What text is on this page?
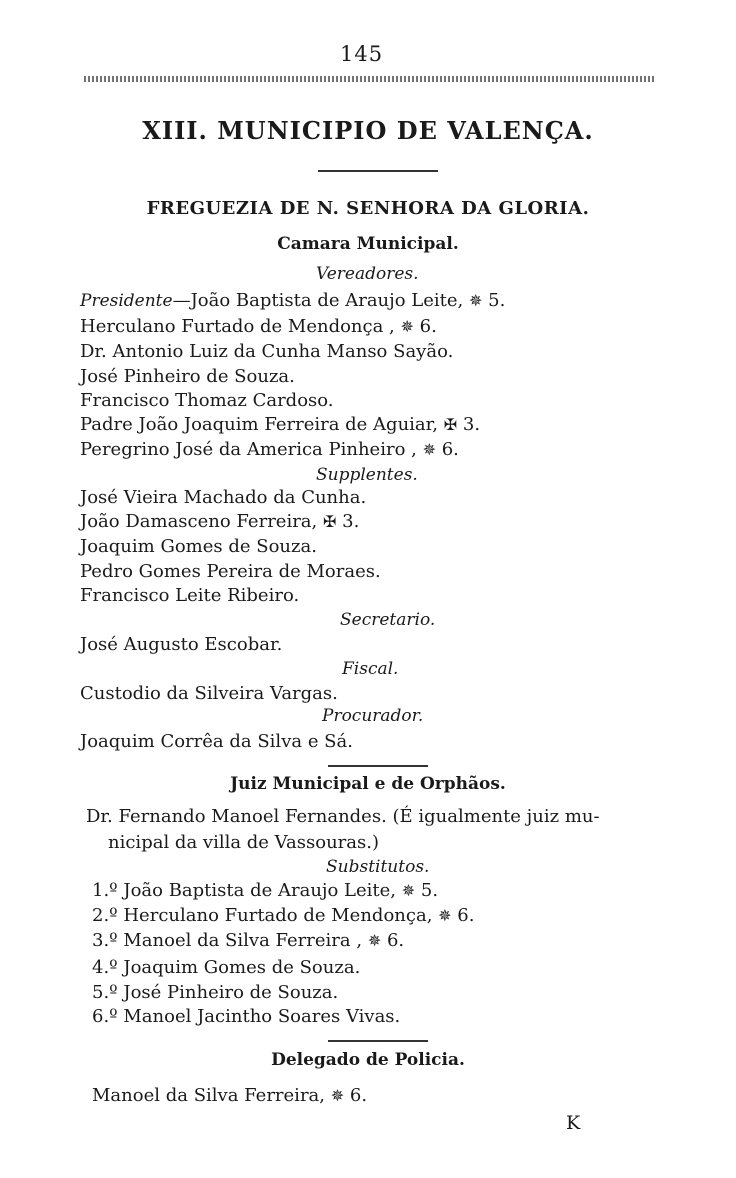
145
XIII. MUNICIPIO DE VALENÇA.
FREGUEZIA DE N. SENHORA DA GLORIA.
Camara Municipal.
Vereadores.
Presidente—João Baptista de Araujo Leite, ✵ 5.
Herculano Furtado de Mendonça , ✵ 6.
Dr. Antonio Luiz da Cunha Manso Sayão.
José Pinheiro de Souza.
Francisco Thomaz Cardoso.
Padre João Joaquim Ferreira de Aguiar, ✠ 3.
Peregrino José da America Pinheiro , ✵ 6.
Supplentes.
José Vieira Machado da Cunha.
João Damasceno Ferreira, ✠ 3.
Joaquim Gomes de Souza.
Pedro Gomes Pereira de Moraes.
Francisco Leite Ribeiro.
Secretario.
José Augusto Escobar.
Fiscal.
Custodio da Silveira Vargas.
Procurador.
Joaquim Corrêa da Silva e Sá.
Juiz Municipal e de Orphãos.
Dr. Fernando Manoel Fernandes. (É igualmente juiz mu-
nicipal da villa de Vassouras.)
Substitutos.
1.º João Baptista de Araujo Leite, ✵ 5.
2.º Herculano Furtado de Mendonça, ✵ 6.
3.º Manoel da Silva Ferreira , ✵ 6.
4.º Joaquim Gomes de Souza.
5.º José Pinheiro de Souza.
6.º Manoel Jacintho Soares Vivas.
Delegado de Policia.
Manoel da Silva Ferreira, ✵ 6.
K
